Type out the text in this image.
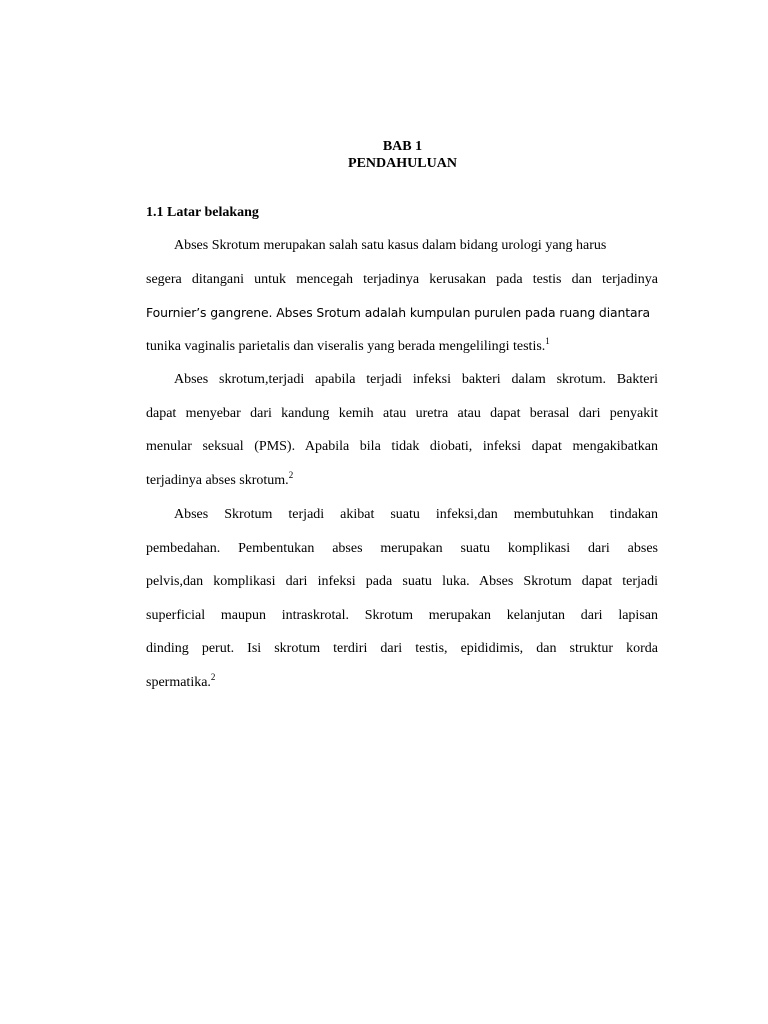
BAB 1
PENDAHULUAN
1.1 Latar belakang
Abses Skrotum merupakan salah satu kasus dalam bidang urologi yang harus
segera ditangani untuk mencegah terjadinya kerusakan pada testis dan terjadinya
Fournier’s gangrene. Abses Srotum adalah kumpulan purulen pada ruang diantara
tunika vaginalis parietalis dan viseralis yang berada mengelilingi testis.$^1$
Abses skrotum,terjadi apabila terjadi infeksi bakteri dalam skrotum. Bakteri
dapat menyebar dari kandung kemih atau uretra atau dapat berasal dari penyakit
menular seksual (PMS). Apabila bila tidak diobati, infeksi dapat mengakibatkan
terjadinya abses skrotum.$^2$
Abses Skrotum terjadi akibat suatu infeksi,dan membutuhkan tindakan
pembedahan. Pembentukan abses merupakan suatu komplikasi dari abses
pelvis,dan komplikasi dari infeksi pada suatu luka. Abses Skrotum dapat terjadi
superficial maupun intraskrotal. Skrotum merupakan kelanjutan dari lapisan
dinding perut. Isi skrotum terdiri dari testis, epididimis, dan struktur korda
spermatika.$^2$
